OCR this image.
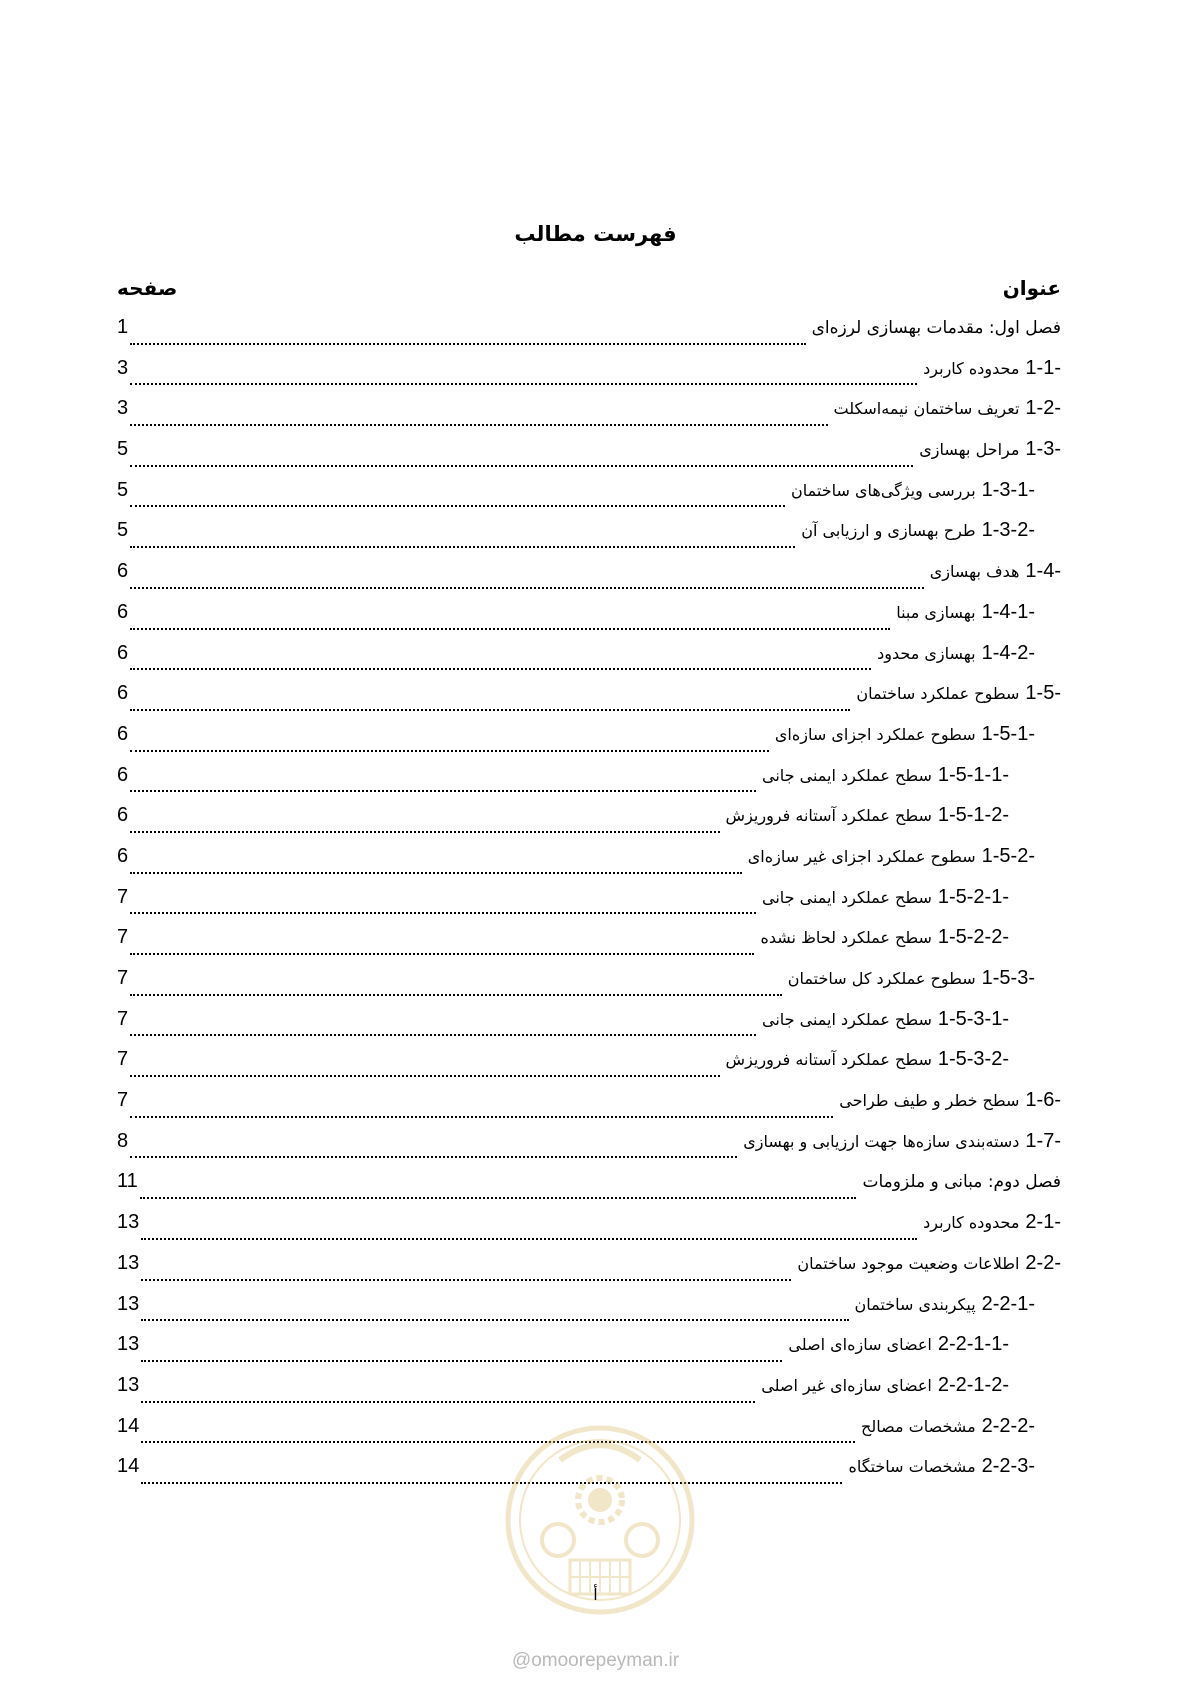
فهرست مطالب
عنوان
صفحه
فصل اول: مقدمات بهسازی لرزه‌ای
1
1-1-
محدوده کاربرد
3
1-2-
تعریف ساختمان نیمه‌اسکلت
3
1-3-
مراحل بهسازی
5
1-3-1-
بررسی ویژگی‌های ساختمان
5
1-3-2-
طرح بهسازی و ارزیابی آن
5
1-4-
هدف بهسازی
6
1-4-1-
بهسازی مبنا
6
1-4-2-
بهسازی محدود
6
1-5-
سطوح عملکرد ساختمان
6
1-5-1-
سطوح عملکرد اجزای سازه‌ای
6
1-5-1-1-
سطح عملکرد ایمنی جانی
6
1-5-1-2-
سطح عملکرد آستانه فروریزش
6
1-5-2-
سطوح عملکرد اجزای غیر سازه‌ای
6
1-5-2-1-
سطح عملکرد ایمنی جانی
7
1-5-2-2-
سطح عملکرد لحاظ نشده
7
1-5-3-
سطوح عملکرد کل ساختمان
7
1-5-3-1-
سطح عملکرد ایمنی جانی
7
1-5-3-2-
سطح عملکرد آستانه فروریزش
7
1-6-
سطح خطر و طیف طراحی
7
1-7-
دسته‌بندی سازه‌ها جهت ارزیابی و بهسازی
8
فصل دوم: مبانی و ملزومات
11
2-1-
محدوده کاربرد
13
2-2-
اطلاعات وضعیت موجود ساختمان
13
2-2-1-
پیکربندی ساختمان
13
2-2-1-1-
اعضای سازه‌ای اصلی
13
2-2-1-2-
اعضای سازه‌ای غیر اصلی
13
2-2-2-
مشخصات مصالح
14
2-2-3-
مشخصات ساختگاه
14
أ
@omoorepeyman.ir
